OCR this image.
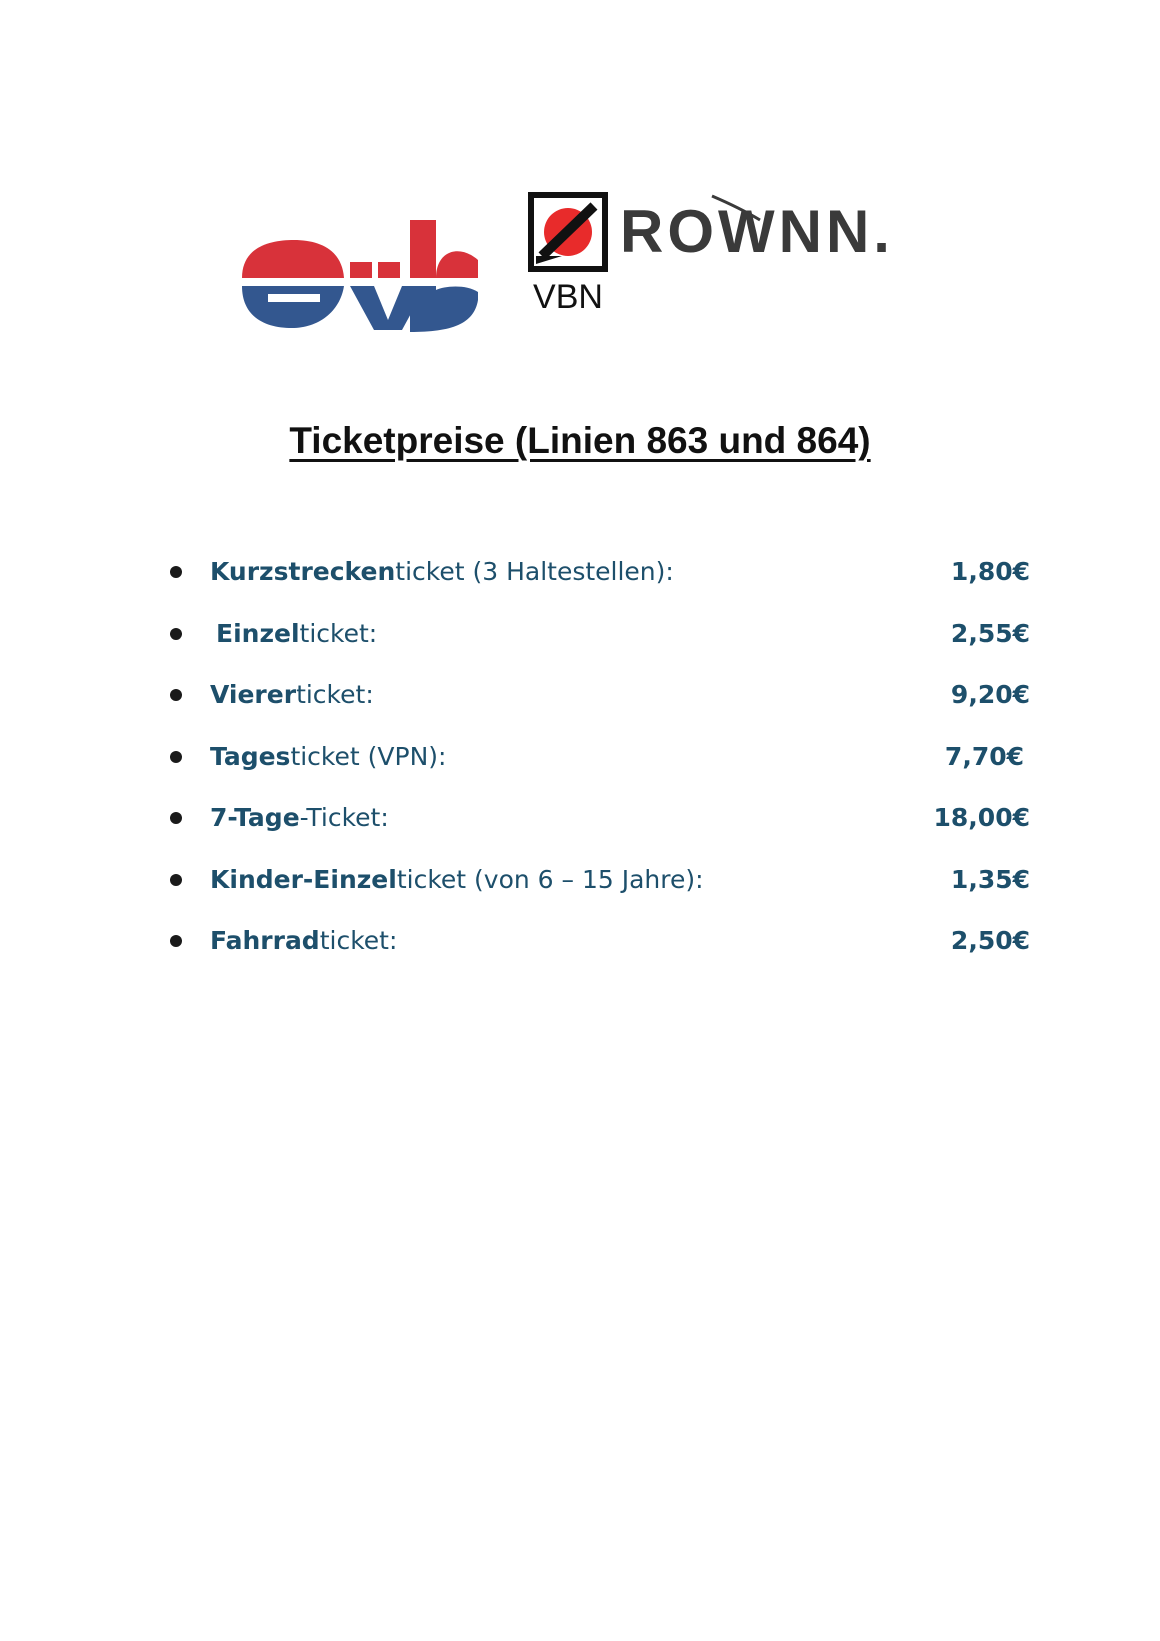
VBN
ROWNN.
Ticketpreise (Linien 863 und 864)
Kurzstreckenticket (3 Haltestellen):	1,80€
Einzelticket:	2,55€
Viererticket:	9,20€
Tagesticket (VPN):	7,70€
7-Tage-Ticket:	18,00€
Kinder-Einzelticket (von 6 – 15 Jahre):	1,35€
Fahrradticket:	2,50€
